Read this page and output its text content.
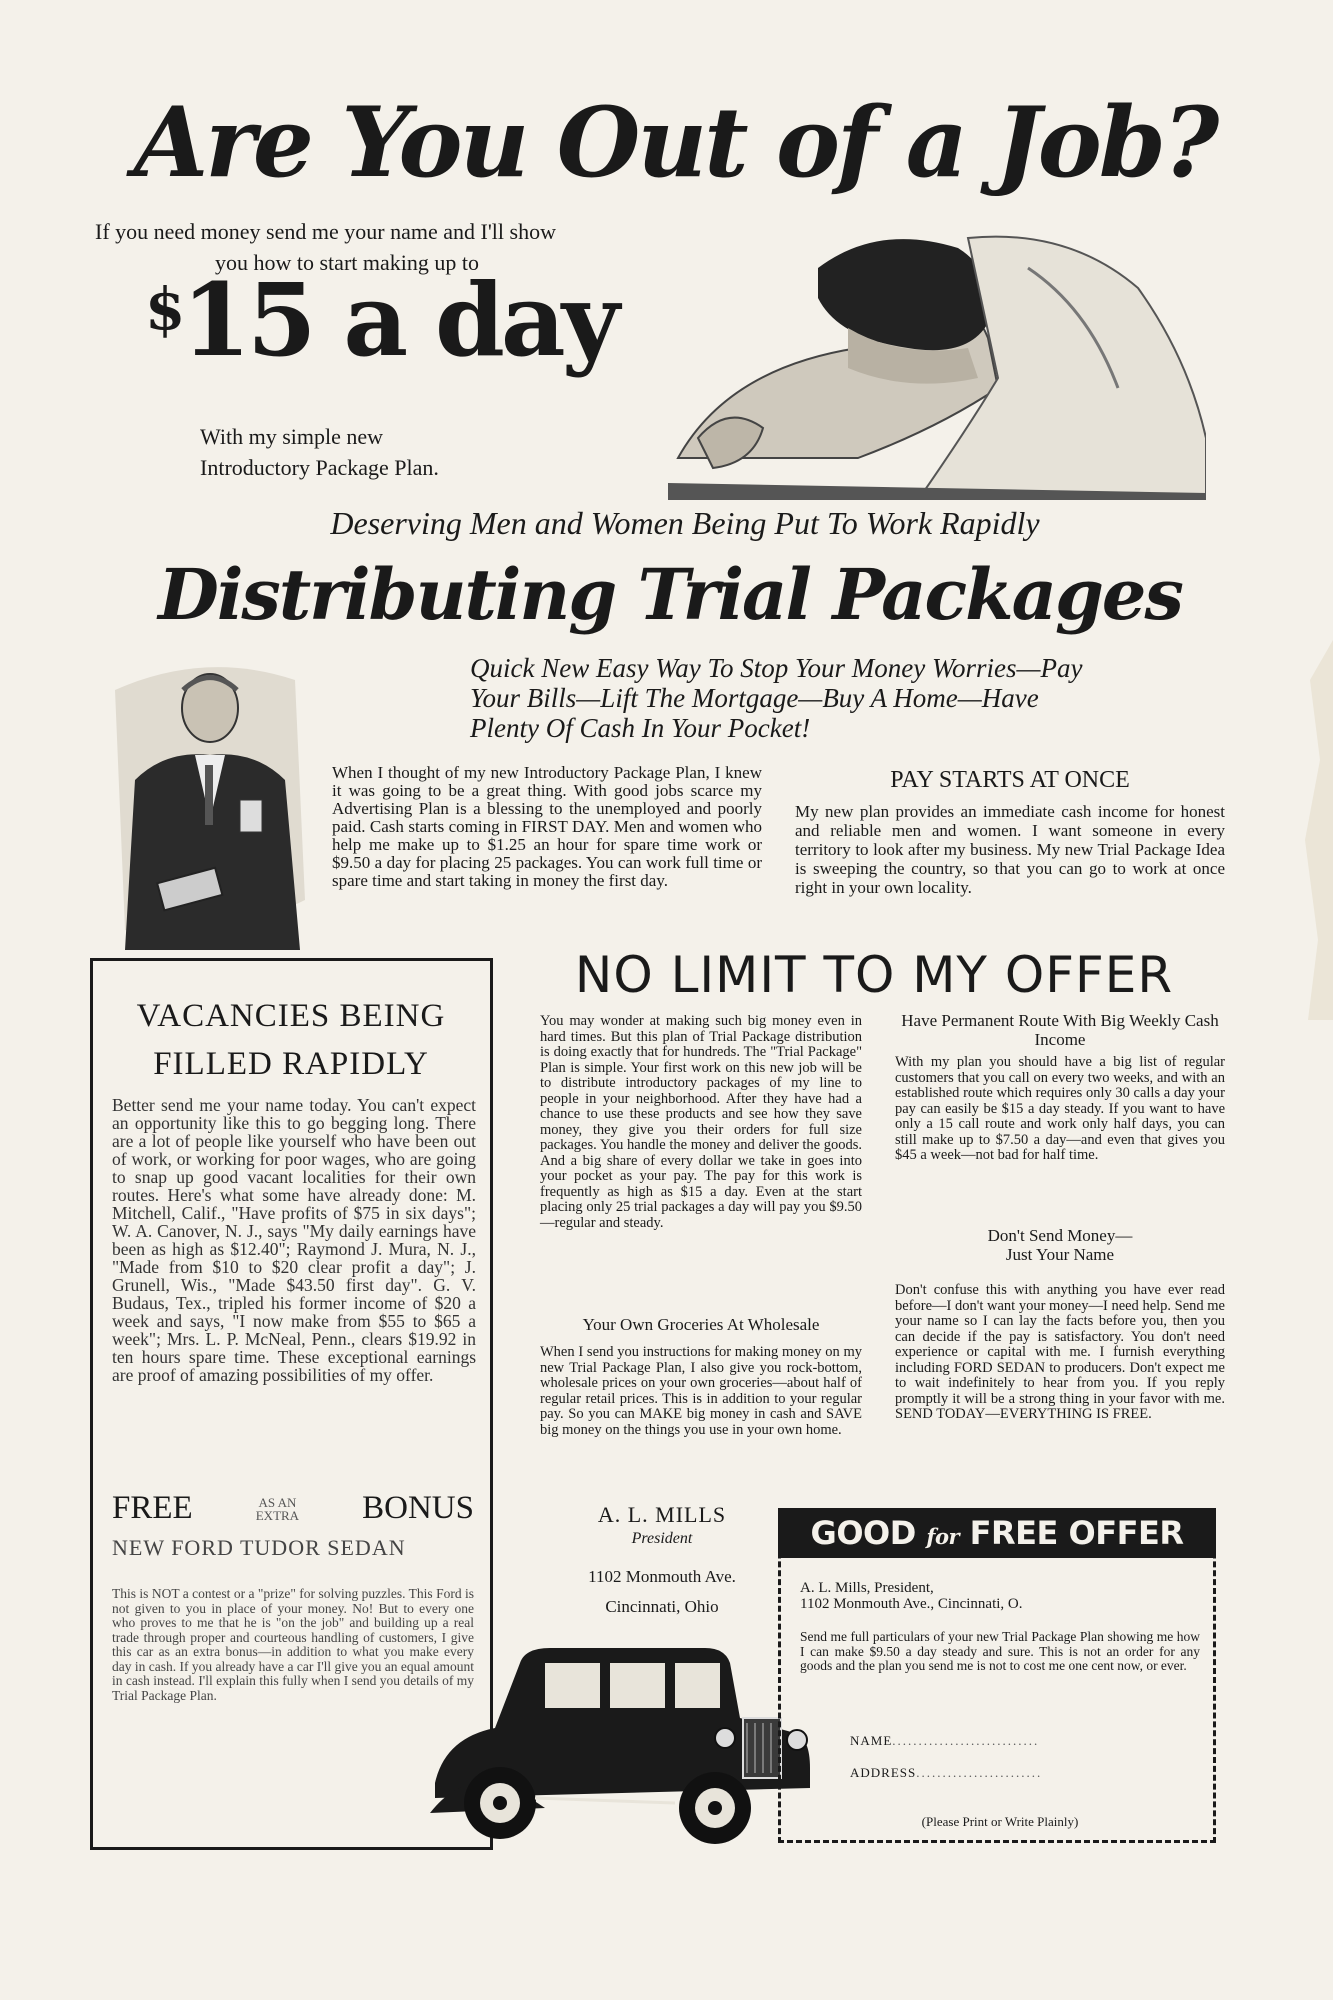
Are You Out of a Job?
If you need money send me your name and I'll show
you how to start making up to
$15 a day
With my simple new
Introductory Package Plan.
Deserving Men and Women Being Put To Work Rapidly
Distributing Trial Packages
Quick New Easy Way To Stop Your Money Worries—Pay Your Bills—Lift The Mortgage—Buy A Home—Have Plenty Of Cash In Your Pocket!
When I thought of my new Introductory Package Plan, I knew it was going to be a great thing. With good jobs scarce my Advertising Plan is a blessing to the unemployed and poorly paid. Cash starts coming in FIRST DAY. Men and women who help me make up to $1.25 an hour for spare time work or $9.50 a day for placing 25 packages. You can work full time or spare time and start taking in money the first day.
PAY STARTS AT ONCE
My new plan provides an immediate cash income for honest and reliable men and women. I want someone in every territory to look after my business. My new Trial Package Idea is sweeping the country, so that you can go to work at once right in your own locality.
VACANCIES BEING
FILLED RAPIDLY
Better send me your name today. You can't expect an opportunity like this to go begging long. There are a lot of people like yourself who have been out of work, or working for poor wages, who are going to snap up good vacant localities for their own routes. Here's what some have already done: M. Mitchell, Calif., "Have profits of $75 in six days"; W. A. Canover, N. J., says "My daily earnings have been as high as $12.40"; Raymond J. Mura, N. J., "Made from $10 to $20 clear profit a day"; J. Grunell, Wis., "Made $43.50 first day". G. V. Budaus, Tex., tripled his former income of $20 a week and says, "I now make from $55 to $65 a week"; Mrs. L. P. McNeal, Penn., clears $19.92 in ten hours spare time. These exceptional earnings are proof of amazing possibilities of my offer.
FREE	AS AN
EXTRA BONUS
NEW FORD TUDOR SEDAN
This is NOT a contest or a "prize" for solving puzzles. This Ford is not given to you in place of your money. No! But to every one who proves to me that he is "on the job" and building up a real trade through proper and courteous handling of customers, I give this car as an extra bonus—in addition to what you make every day in cash. If you already have a car I'll give you an equal amount in cash instead. I'll explain this fully when I send you details of my Trial Package Plan.
NO LIMIT TO MY OFFER
You may wonder at making such big money even in hard times. But this plan of Trial Package distribution is doing exactly that for hundreds. The "Trial Package" Plan is simple. Your first work on this new job will be to distribute introductory packages of my line to people in your neighborhood. After they have had a chance to use these products and see how they save money, they give you their orders for full size packages. You handle the money and deliver the goods. And a big share of every dollar we take in goes into your pocket as your pay. The pay for this work is frequently as high as $15 a day. Even at the start placing only 25 trial packages a day will pay you $9.50—regular and steady.
Your Own Groceries At Wholesale
When I send you instructions for making money on my new Trial Package Plan, I also give you rock-bottom, wholesale prices on your own groceries—about half of regular retail prices. This is in addition to your regular pay. So you can MAKE big money in cash and SAVE big money on the things you use in your own home.
Have Permanent Route With Big Weekly Cash Income
With my plan you should have a big list of regular customers that you call on every two weeks, and with an established route which requires only 30 calls a day your pay can easily be $15 a day steady. If you want to have only a 15 call route and work only half days, you can still make up to $7.50 a day—and even that gives you $45 a week—not bad for half time.
Don't Send Money—
Just Your Name
Don't confuse this with anything you have ever read before—I don't want your money—I need help. Send me your name so I can lay the facts before you, then you can decide if the pay is satisfactory. You don't need experience or capital with me. I furnish everything including FORD SEDAN to producers. Don't expect me to wait indefinitely to hear from you. If you reply promptly it will be a strong thing in your favor with me. SEND TODAY—EVERYTHING IS FREE.
A. L. MILLS
President
1102 Monmouth Ave.
Cincinnati, Ohio
GOOD for FREE OFFER
A. L. Mills, President,
1102 Monmouth Ave., Cincinnati, O.
Send me full particulars of your new Trial Package Plan showing me how I can make $9.50 a day steady and sure. This is not an order for any goods and the plan you send me is not to cost me one cent now, or ever.
NAME............................
ADDRESS........................
(Please Print or Write Plainly)
